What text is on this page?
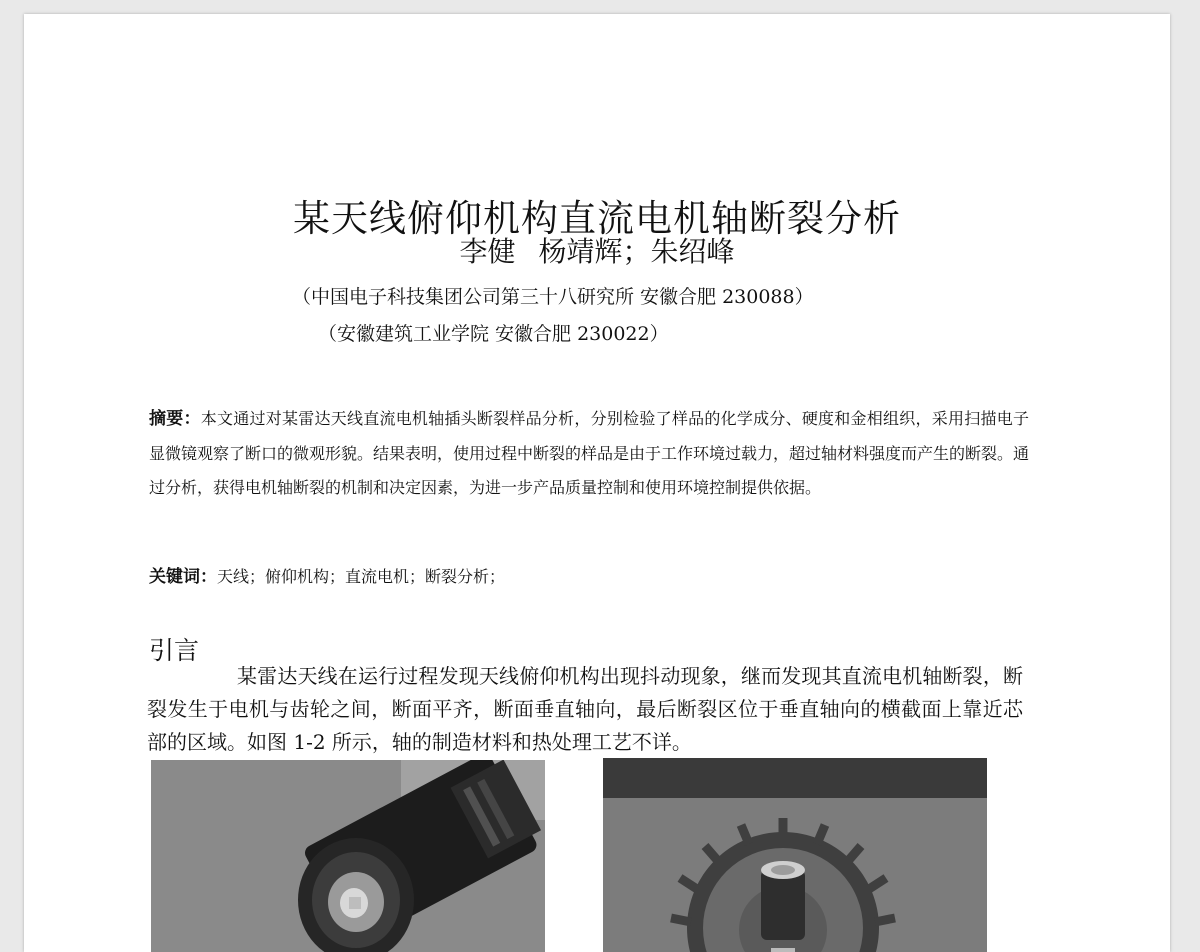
某天线俯仰机构直流电机轴断裂分析
李健 杨靖辉；朱绍峰
（中国电子科技集团公司第三十八研究所 安徽合肥 230088）
（安徽建筑工业学院 安徽合肥 230022）
摘要：本文通过对某雷达天线直流电机轴插头断裂样品分析，分别检验了样品的化学成分、硬度和金相组织，采用扫描电子显微镜观察了断口的微观形貌。结果表明，使用过程中断裂的样品是由于工作环境过载力，超过轴材料强度而产生的断裂。通过分析，获得电机轴断裂的机制和决定因素，为进一步产品质量控制和使用环境控制提供依据。
关键词：天线；俯仰机构；直流电机；断裂分析；
引言
某雷达天线在运行过程发现天线俯仰机构出现抖动现象，继而发现其直流电机轴断裂，断裂发生于电机与齿轮之间，断面平齐，断面垂直轴向，最后断裂区位于垂直轴向的横截面上靠近芯部的区域。如图 1-2 所示，轴的制造材料和热处理工艺不详。
